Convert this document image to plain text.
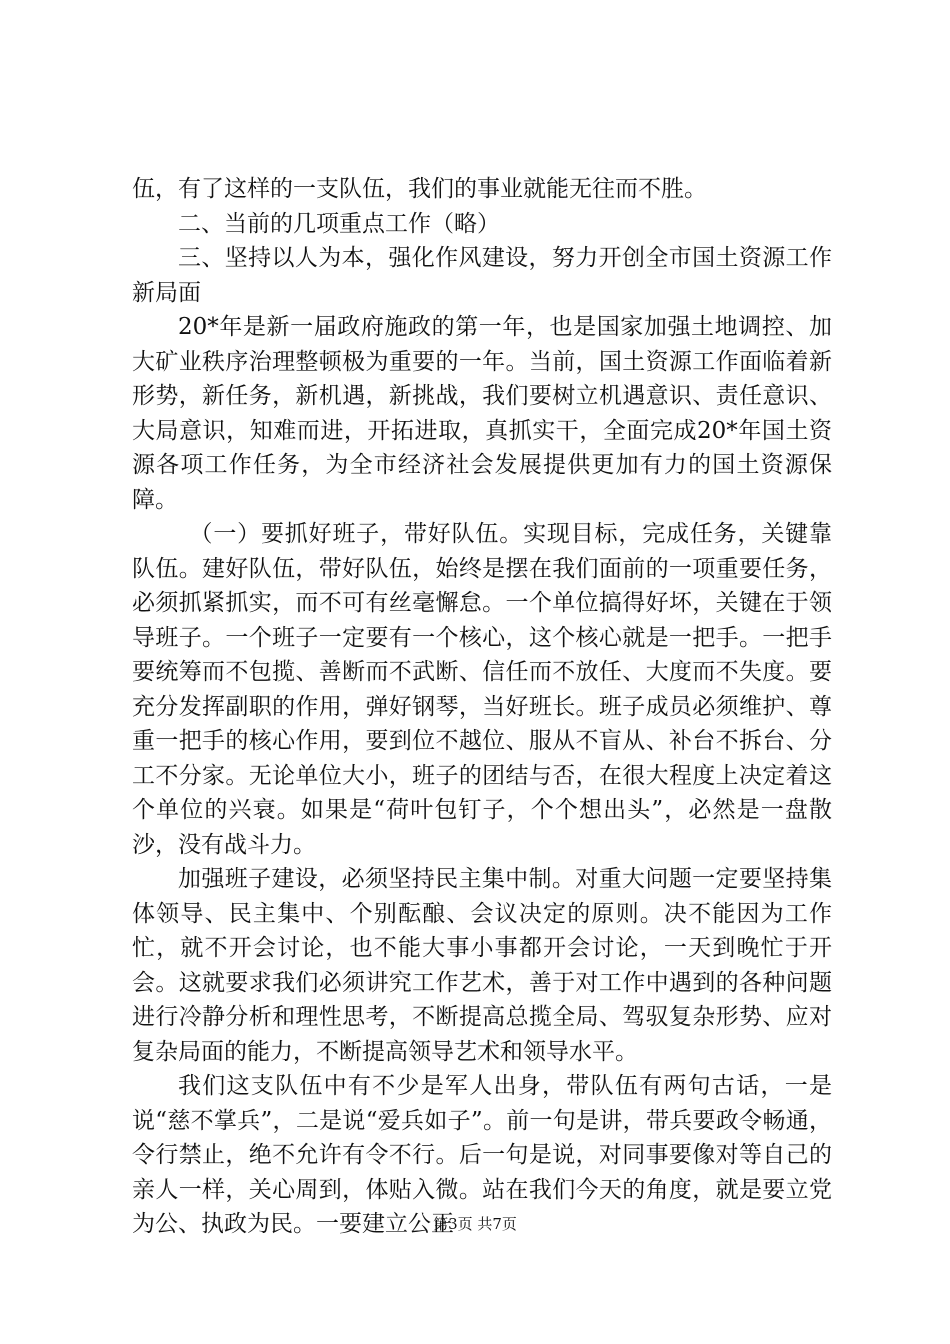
伍，有了这样的一支队伍，我们的事业就能无往而不胜。

二、当前的几项重点工作（略）

三、坚持以人为本，强化作风建设，努力开创全市国土资源工作新局面

20*年是新一届政府施政的第一年，也是国家加强土地调控、加大矿业秩序治理整顿极为重要的一年。当前，国土资源工作面临着新形势，新任务，新机遇，新挑战，我们要树立机遇意识、责任意识、大局意识，知难而进，开拓进取，真抓实干，全面完成20*年国土资源各项工作任务，为全市经济社会发展提供更加有力的国土资源保障。

（一）要抓好班子，带好队伍。实现目标，完成任务，关键靠队伍。建好队伍，带好队伍，始终是摆在我们面前的一项重要任务，必须抓紧抓实，而不可有丝毫懈怠。一个单位搞得好坏，关键在于领导班子。一个班子一定要有一个核心，这个核心就是一把手。一把手要统筹而不包揽、善断而不武断、信任而不放任、大度而不失度。要充分发挥副职的作用，弹好钢琴，当好班长。班子成员必须维护、尊重一把手的核心作用，要到位不越位、服从不盲从、补台不拆台、分工不分家。无论单位大小，班子的团结与否，在很大程度上决定着这个单位的兴衰。如果是“荷叶包钉子，个个想出头”，必然是一盘散沙，没有战斗力。

加强班子建设，必须坚持民主集中制。对重大问题一定要坚持集体领导、民主集中、个别酝酿、会议决定的原则。决不能因为工作忙，就不开会讨论，也不能大事小事都开会讨论，一天到晚忙于开会。这就要求我们必须讲究工作艺术，善于对工作中遇到的各种问题进行冷静分析和理性思考，不断提高总揽全局、驾驭复杂形势、应对复杂局面的能力，不断提高领导艺术和领导水平。

我们这支队伍中有不少是军人出身，带队伍有两句古话，一是说“慈不掌兵”，二是说“爱兵如子”。前一句是讲，带兵要政令畅通，令行禁止，绝不允许有令不行。后一句是说，对同事要像对等自己的亲人一样，关心周到，体贴入微。站在我们今天的角度，就是要立党为公、执政为民。一要建立公正

第3页 共7页
